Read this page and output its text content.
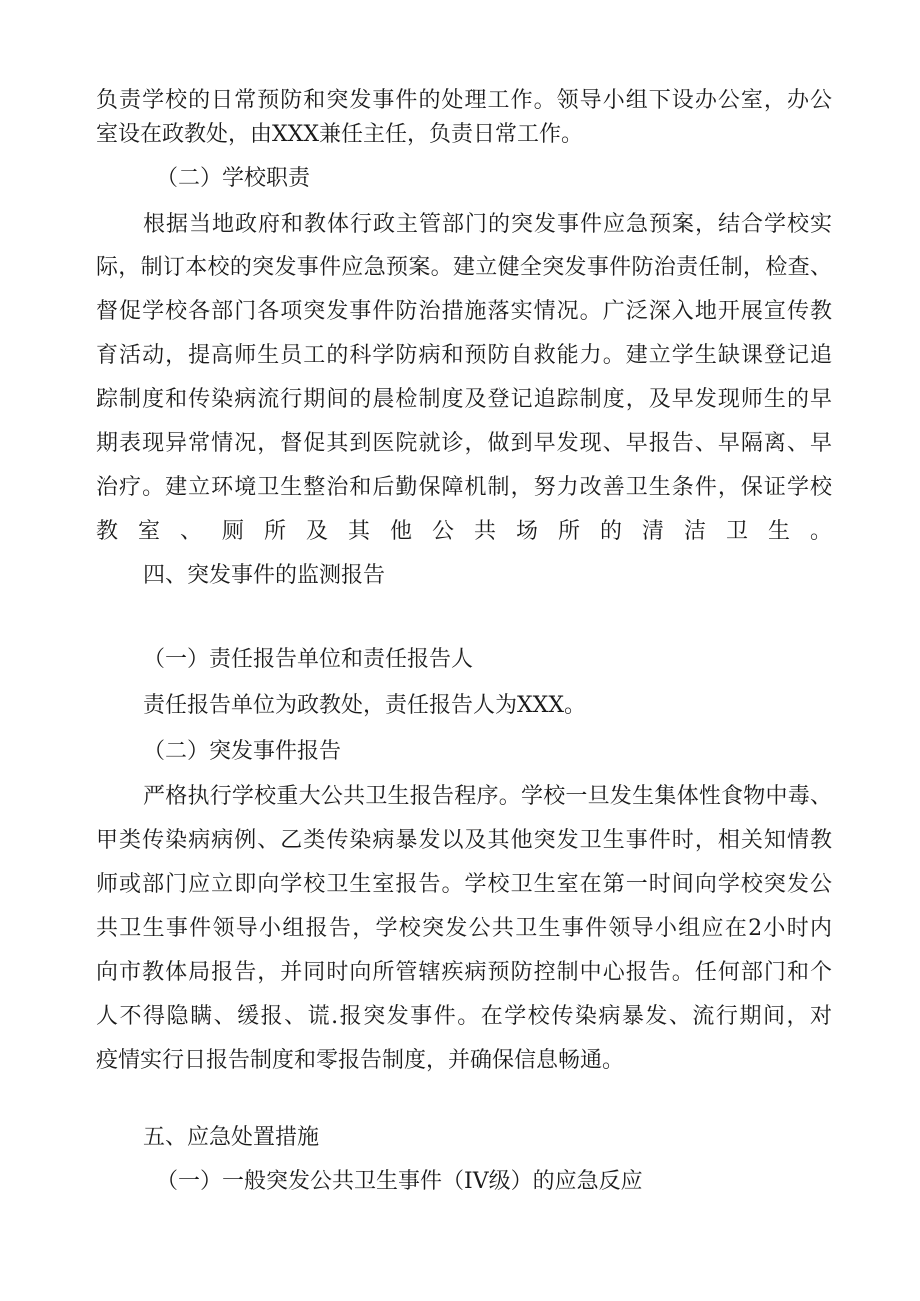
负责学校的日常预防和突发事件的处理工作。领导小组下设办公室，办公
室设在政教处，由XXX兼任主任，负责日常工作。
（二）学校职责
根据当地政府和教体行政主管部门的突发事件应急预案，结合学校实
际，制订本校的突发事件应急预案。建立健全突发事件防治责任制，检查、
督促学校各部门各项突发事件防治措施落实情况。广泛深入地开展宣传教
育活动，提高师生员工的科学防病和预防自救能力。建立学生缺课登记追
踪制度和传染病流行期间的晨检制度及登记追踪制度，及早发现师生的早
期表现异常情况，督促其到医院就诊，做到早发现、早报告、早隔离、早
治疗。建立环境卫生整治和后勤保障机制，努力改善卫生条件，保证学校
教室、厕所及其他公共场所的清洁卫生。
四、突发事件的监测报告
（一）责任报告单位和责任报告人
责任报告单位为政教处，责任报告人为XXX。
（二）突发事件报告
严格执行学校重大公共卫生报告程序。学校一旦发生集体性食物中毒、
甲类传染病病例、乙类传染病暴发以及其他突发卫生事件时，相关知情教
师或部门应立即向学校卫生室报告。学校卫生室在第一时间向学校突发公
共卫生事件领导小组报告，学校突发公共卫生事件领导小组应在2小时内
向市教体局报告，并同时向所管辖疾病预防控制中心报告。任何部门和个
人不得隐瞒、缓报、谎.报突发事件。在学校传染病暴发、流行期间，对
疫情实行日报告制度和零报告制度，并确保信息畅通。
五、应急处置措施
（一）一般突发公共卫生事件（IV级）的应急反应
